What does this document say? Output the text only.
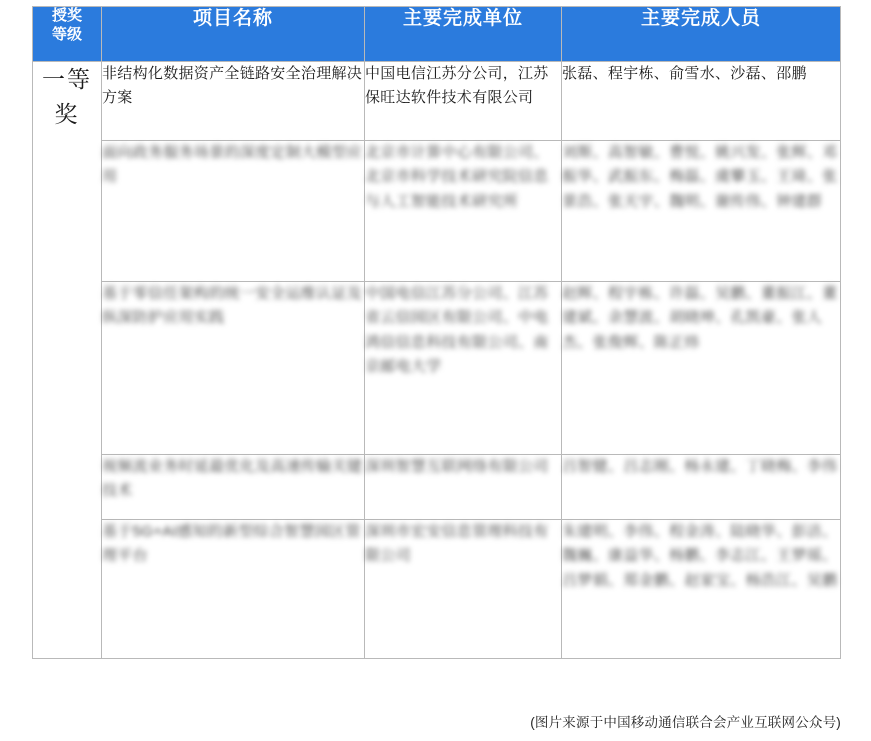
授奖
等级	项目名称	主要完成单位	主要完成人员
一等奖	非结构化数据资产全链路安全治理解决方案	中国电信江苏分公司，江苏保旺达软件技术有限公司	张磊、程宇栋、俞雪水、沙磊、邵鹏
	面向政务服务场景的深度定制大模型应用	北京市计算中心有限公司、北京市科学技术研究院信息与人工智能技术研究所	刘斯、高智敏、曹悦、姚兴发、张辉、邓振华、武振东、梅磊、虞攀玉、王琦、张景浩、张天宇、魏明、谢传伟、钟建群
	基于零信任架构的统一安全运维认证及纵深防护应用实践	中国电信江苏分公司、江苏省云信园区有限公司、中电鸿信信息科技有限公司、南京邮电大学	赵辉、程宇栋、许磊、吴鹏、董振江、董建斌、余慧波、胡晓坤、孔凯豪、张人杰、张俊辉、陈正炜
	视频流业务时延最优化及高速传输关键技术	深圳智慧互联网络有限公司	吕智健、吕志刚、杨永建、丁晓梅、李伟
	基于5G+AI感知的新型综合智慧园区管理平台	深圳市宏安信息管理科技有限公司	朱建明、李伟、程金涛、陆晓华、彭洁、魏巍、康益华、杨鹏、李志江、王梦瑶、吕梦娟、郑金鹏、赵家宝、杨浩江、吴鹏
(图片来源于中国移动通信联合会产业互联网公众号)
